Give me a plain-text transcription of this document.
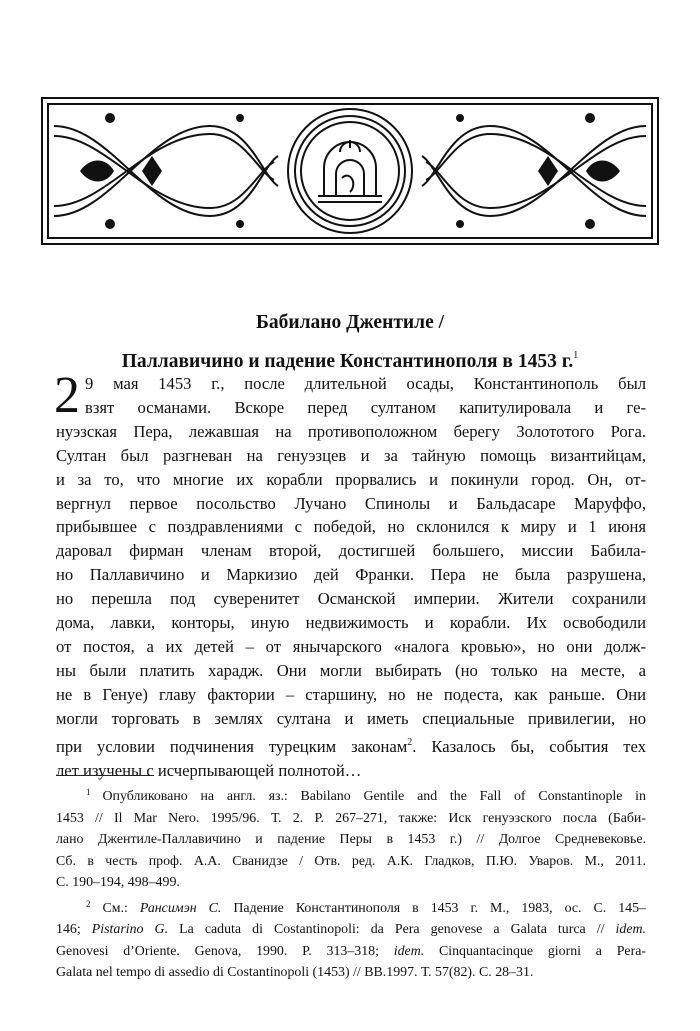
Бабилано Джентиле /
Паллавичино и падение Константинополя в 1453 г.$^1$
2 9 мая 1453 г., после длительной осады, Константинополь был
взят османами. Вскоре перед султаном капитулировала и ге-
нуэзская Пера, лежавшая на противоположном берегу Золототого Рога.
Султан был разгневан на генуэзцев и за тайную помощь византийцам,
и за то, что многие их корабли прорвались и покинули город. Он, от-
вергнул первое посольство Лучано Спинолы и Бальдасаре Маруффо,
прибывшее с поздравлениями с победой, но склонился к миру и 1 июня
даровал фирман членам второй, достигшей большего, миссии Бабила-
но Паллавичино и Маркизио дей Франки. Пера не была разрушена,
но перешла под суверенитет Османской империи. Жители сохранили
дома, лавки, конторы, иную недвижимость и корабли. Их освободили
от постоя, а их детей – от янычарского «налога кровью», но они долж-
ны были платить харадж. Они могли выбирать (но только на месте, а
не в Генуе) главу фактории – старшину, но не подеста, как раньше. Они
могли торговать в землях султана и иметь специальные привилегии, но
при условии подчинения турецким законам$^2$. Казалось бы, события тех
лет изучены с исчерпывающей полнотой…
$^1$ Опубликовано на англ. яз.: Babilano Gentile and the Fall of Constantinople in
1453 // Il Mar Nero. 1995/96. Т. 2. Р. 267–271, также: Иск генуэзского посла (Баби-
лано Джентиле-Паллавичино и падение Перы в 1453 г.) // Долгое Средневековье.
Сб. в честь проф. А.А. Сванидзе / Отв. ред. А.К. Гладков, П.Ю. Уваров. М., 2011.
С. 190–194, 498–499.
$^2$ См.: Рансимэн С. Падение Константинополя в 1453 г. М., 1983, ос. С. 145–
146; Pistarino G. La caduta di Costantinopoli: da Pera genovese a Galata turca // idem.
Genovesi d’Oriente. Genova, 1990. P. 313–318; idem. Cinquantacinque giorni a Pera-
Galata nel tempo di assedio di Costantinopoli (1453) // BB.1997. Т. 57(82). С. 28–31.
